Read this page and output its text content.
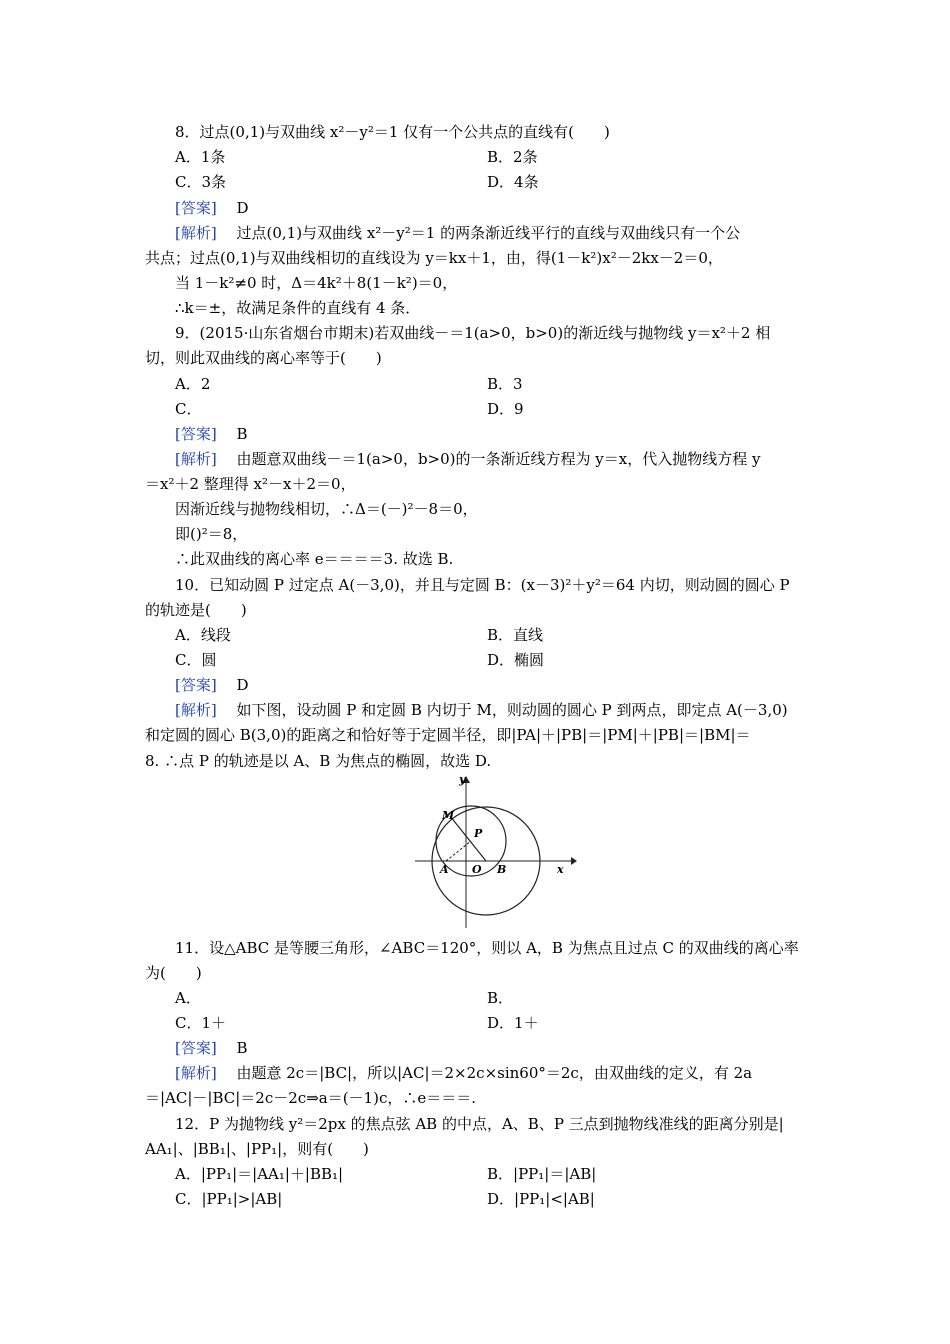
8．过点(0,1)与双曲线 x²－y²＝1 仅有一个公共点的直线有(　　)
A．1条	B．2条
C．3条	D．4条
[答案]　 D
[解析]　 过点(0,1)与双曲线 x²－y²＝1 的两条渐近线平行的直线与双曲线只有一个公
共点；过点(0,1)与双曲线相切的直线设为 y＝kx＋1，由，得(1－k²)x²－2kx－2＝0，
当 1－k²≠0 时，Δ＝4k²＋8(1－k²)＝0，
∴k＝±，故满足条件的直线有 4 条．
9．(2015·山东省烟台市期末)若双曲线－＝1(a>0，b>0)的渐近线与抛物线 y＝x²＋2 相
切，则此双曲线的离心率等于(　　)
A．2	B．3
C．	D．9
[答案]　 B
[解析]　 由题意双曲线－＝1(a>0，b>0)的一条渐近线方程为 y＝x，代入抛物线方程 y
＝x²＋2 整理得 x²－x＋2＝0，
因渐近线与抛物线相切，∴Δ＝(－)²－8＝0，
即()²＝8，
∴此双曲线的离心率 e＝＝＝＝3. 故选 B.
10．已知动圆 P 过定点 A(－3,0)，并且与定圆 B：(x－3)²＋y²＝64 内切，则动圆的圆心 P
的轨迹是(　　)
A．线段	B．直线
C．圆	D．椭圆
[答案]　 D
[解析]　 如下图，设动圆 P 和定圆 B 内切于 M，则动圆的圆心 P 到两点，即定点 A(－3,0)
和定圆的圆心 B(3,0)的距离之和恰好等于定圆半径，即|PA|＋|PB|＝|PM|＋|PB|＝|BM|＝
8. ∴点 P 的轨迹是以 A、B 为焦点的椭圆，故选 D.
y
x
M
P
A O B
11．设△ABC 是等腰三角形，∠ABC＝120°，则以 A，B 为焦点且过点 C 的双曲线的离心率
为(　　)
A．	B．
C．1＋	D．1＋
[答案]　 B
[解析]　 由题意 2c＝|BC|，所以|AC|＝2×2c×sin60°＝2c，由双曲线的定义，有 2a
＝|AC|－|BC|＝2c－2c⇒a＝(－1)c，∴e＝＝＝.
12．P 为抛物线 y²＝2px 的焦点弦 AB 的中点，A、B、P 三点到抛物线准线的距离分别是|
AA₁|、|BB₁|、|PP₁|，则有(　　)
A．|PP₁|＝|AA₁|＋|BB₁|	B．|PP₁|＝|AB|
C．|PP₁|>|AB|	D．|PP₁|<|AB|
